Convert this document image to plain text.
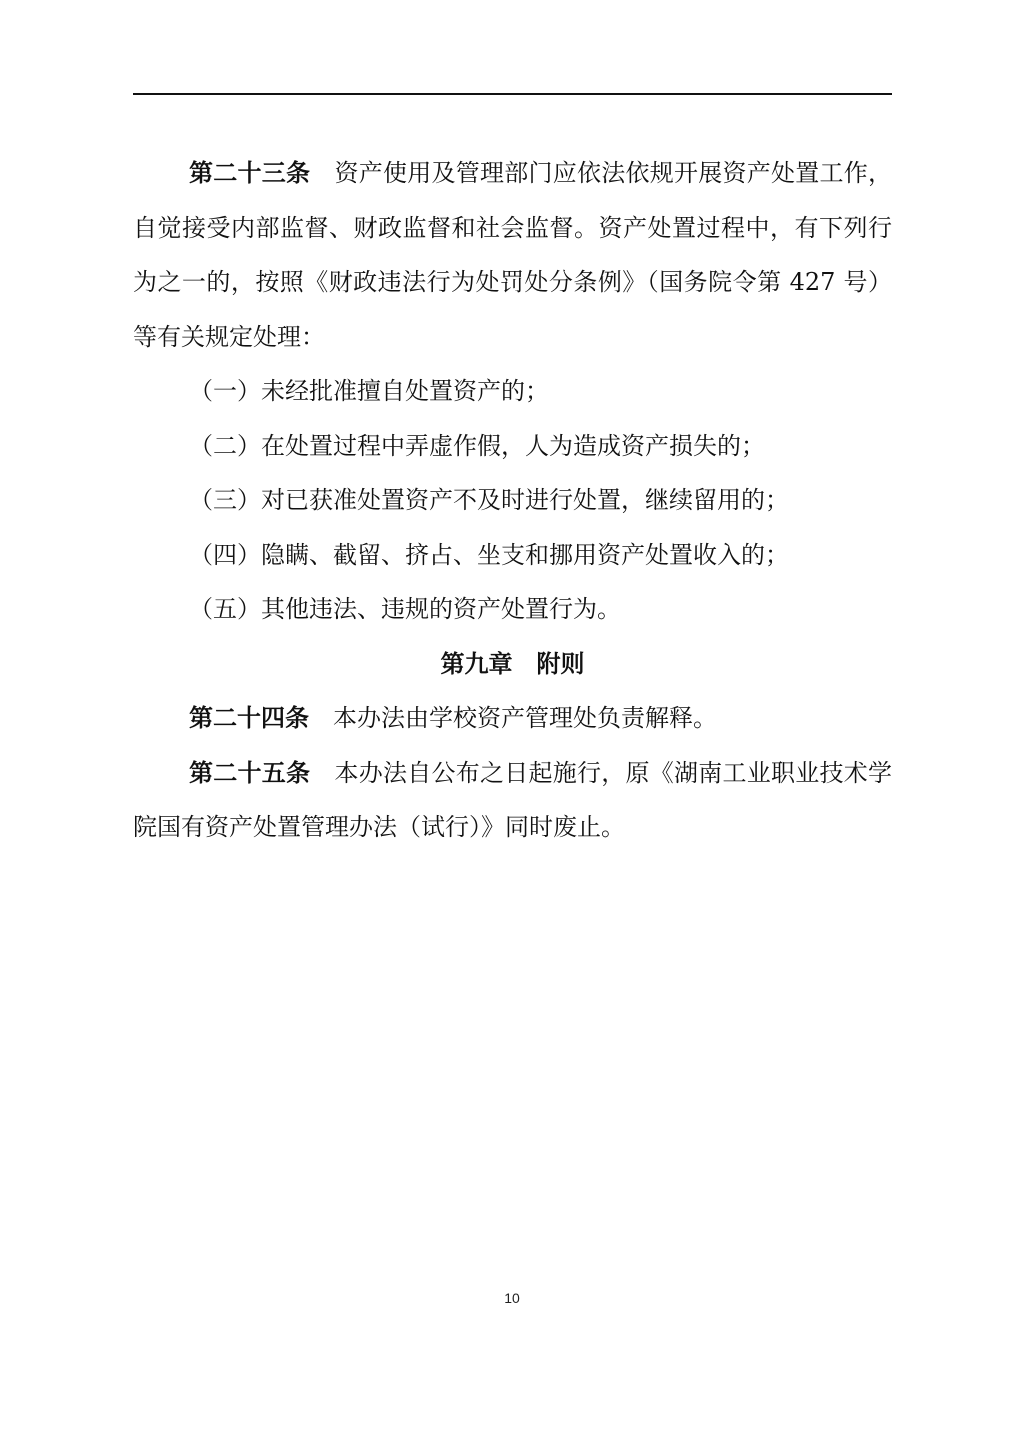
第二十三条  资产使用及管理部门应依法依规开展资产处置工作，自觉接受内部监督、财政监督和社会监督。资产处置过程中，有下列行为之一的，按照《财政违法行为处罚处分条例》（国务院令第 427 号）等有关规定处理：

（一）未经批准擅自处置资产的；

（二）在处置过程中弄虚作假，人为造成资产损失的；

（三）对已获准处置资产不及时进行处置，继续留用的；

（四）隐瞒、截留、挤占、坐支和挪用资产处置收入的；

（五）其他违法、违规的资产处置行为。

第九章　附则

第二十四条  本办法由学校资产管理处负责解释。

第二十五条  本办法自公布之日起施行，原《湖南工业职业技术学院国有资产处置管理办法（试行）》同时废止。

10
